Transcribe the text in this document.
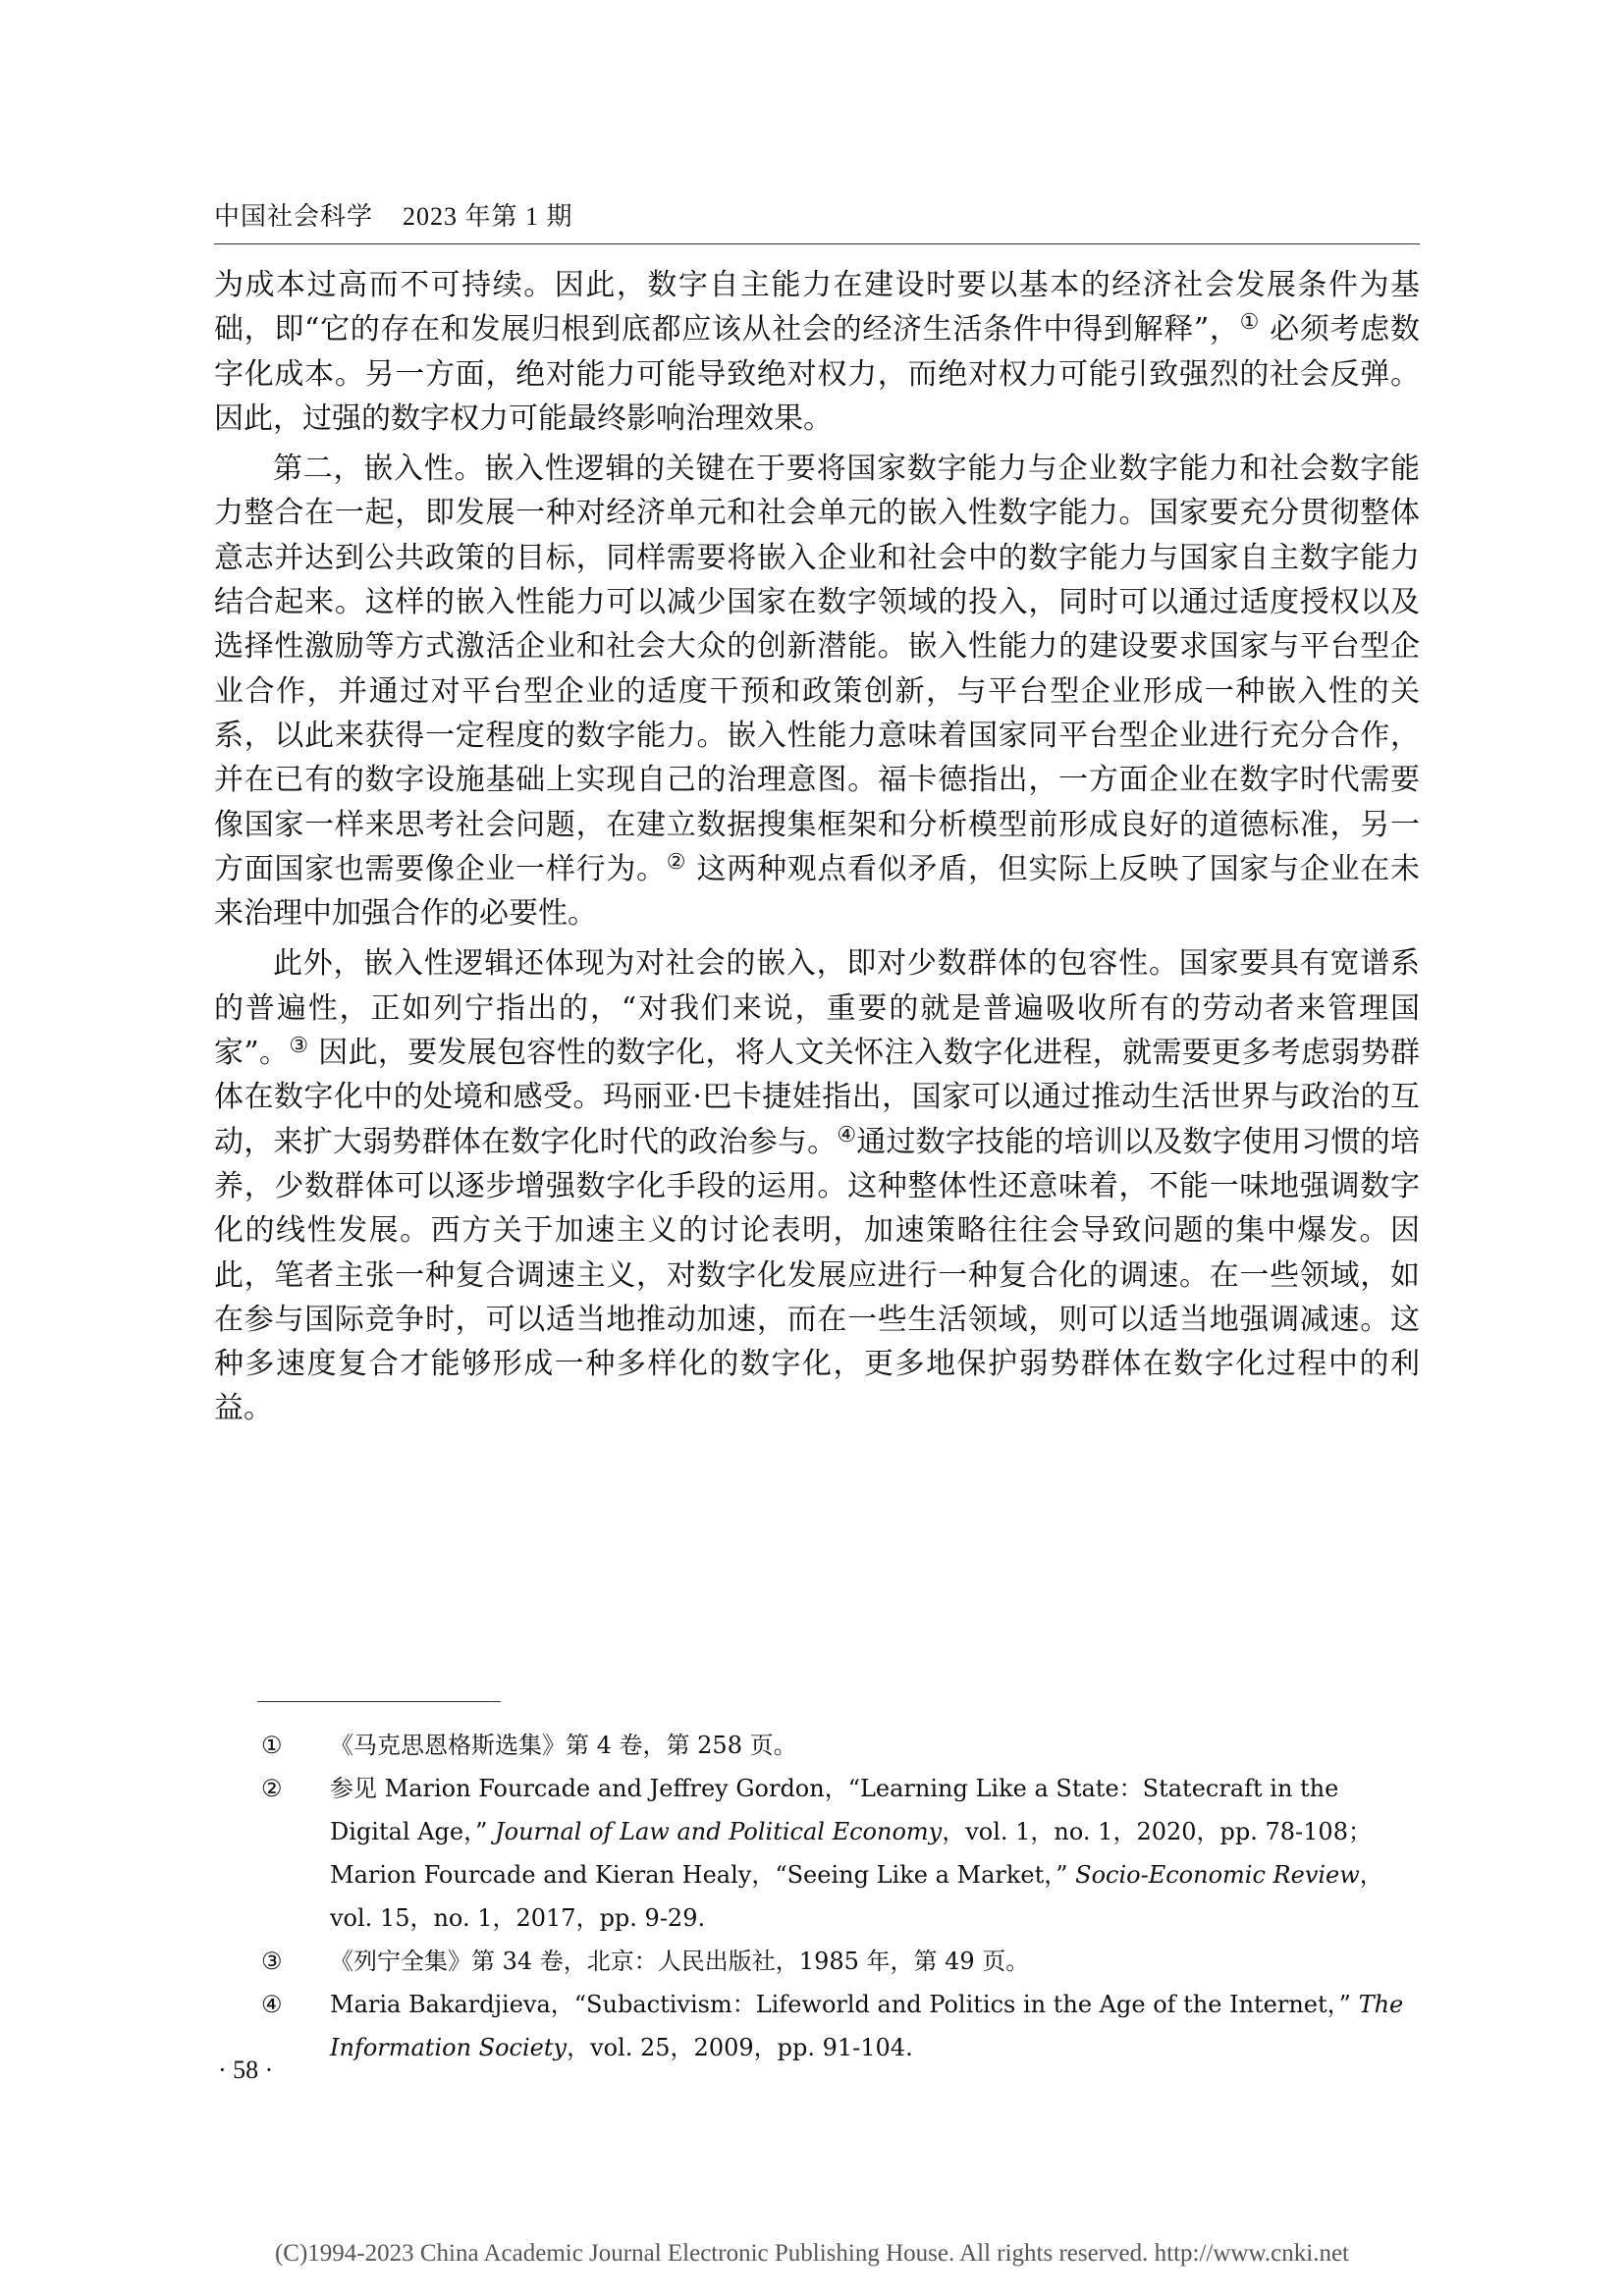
中国社会科学 2023 年第 1 期

为成本过高而不可持续。因此，数字自主能力在建设时要以基本的经济社会发展条件为基础，即“它的存在和发展归根到底都应该从社会的经济生活条件中得到解释”，① 必须考虑数字化成本。另一方面，绝对能力可能导致绝对权力，而绝对权力可能引致强烈的社会反弹。因此，过强的数字权力可能最终影响治理效果。

第二，嵌入性。嵌入性逻辑的关键在于要将国家数字能力与企业数字能力和社会数字能力整合在一起，即发展一种对经济单元和社会单元的嵌入性数字能力。国家要充分贯彻整体意志并达到公共政策的目标，同样需要将嵌入企业和社会中的数字能力与国家自主数字能力结合起来。这样的嵌入性能力可以减少国家在数字领域的投入，同时可以通过适度授权以及选择性激励等方式激活企业和社会大众的创新潜能。嵌入性能力的建设要求国家与平台型企业合作，并通过对平台型企业的适度干预和政策创新，与平台型企业形成一种嵌入性的关系，以此来获得一定程度的数字能力。嵌入性能力意味着国家同平台型企业进行充分合作，并在已有的数字设施基础上实现自己的治理意图。福卡德指出，一方面企业在数字时代需要像国家一样来思考社会问题，在建立数据搜集框架和分析模型前形成良好的道德标准，另一方面国家也需要像企业一样行为。② 这两种观点看似矛盾，但实际上反映了国家与企业在未来治理中加强合作的必要性。

此外，嵌入性逻辑还体现为对社会的嵌入，即对少数群体的包容性。国家要具有宽谱系的普遍性，正如列宁指出的，“对我们来说，重要的就是普遍吸收所有的劳动者来管理国家”。③ 因此，要发展包容性的数字化，将人文关怀注入数字化进程，就需要更多考虑弱势群体在数字化中的处境和感受。玛丽亚·巴卡捷娃指出，国家可以通过推动生活世界与政治的互动，来扩大弱势群体在数字化时代的政治参与。④通过数字技能的培训以及数字使用习惯的培养，少数群体可以逐步增强数字化手段的运用。这种整体性还意味着，不能一味地强调数字化的线性发展。西方关于加速主义的讨论表明，加速策略往往会导致问题的集中爆发。因此，笔者主张一种复合调速主义，对数字化发展应进行一种复合化的调速。在一些领域，如在参与国际竞争时，可以适当地推动加速，而在一些生活领域，则可以适当地强调减速。这种多速度复合才能够形成一种多样化的数字化，更多地保护弱势群体在数字化过程中的利益。

① 《马克思恩格斯选集》第 4 卷，第 258 页。
② 参见 Marion Fourcade and Jeffrey Gordon，“Learning Like a State：Statecraft in the Digital Age，” Journal of Law and Political Economy，vol. 1，no. 1，2020，pp. 78-108；Marion Fourcade and Kieran Healy，“Seeing Like a Market，” Socio-Economic Review，vol. 15，no. 1，2017，pp. 9-29.
③ 《列宁全集》第 34 卷，北京：人民出版社，1985 年，第 49 页。
④ Maria Bakardjieva，“Subactivism：Lifeworld and Politics in the Age of the Internet，” The Information Society，vol. 25，2009，pp. 91-104.
· 58 ·
(C)1994-2023 China Academic Journal Electronic Publishing House. All rights reserved. http://www.cnki.net
